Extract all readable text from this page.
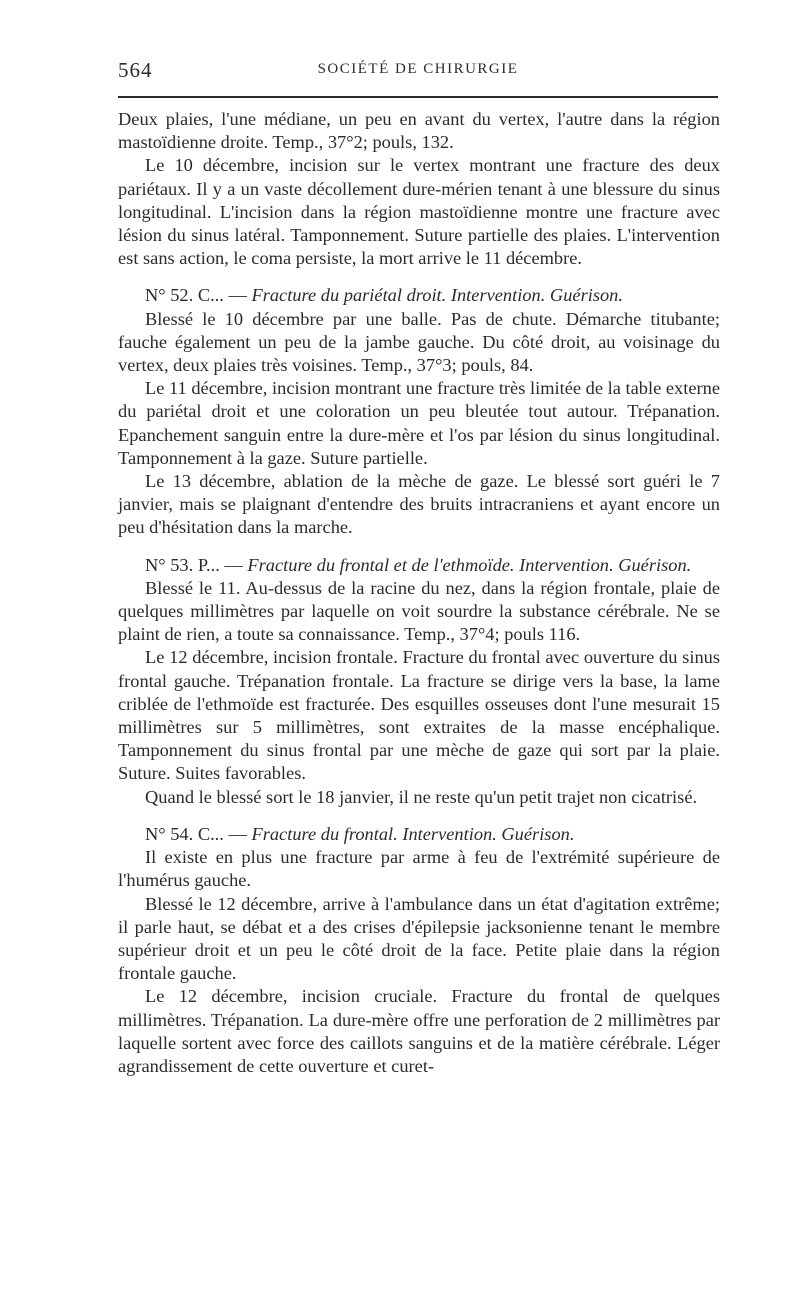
564	SOCIÉTÉ DE CHIRURGIE

Deux plaies, l'une médiane, un peu en avant du vertex, l'autre dans la région mastoïdienne droite. Temp., 37°2; pouls, 132.

Le 10 décembre, incision sur le vertex montrant une fracture des deux pariétaux. Il y a un vaste décollement dure-mérien tenant à une blessure du sinus longitudinal. L'incision dans la région mastoïdienne montre une fracture avec lésion du sinus latéral. Tamponnement. Suture partielle des plaies. L'intervention est sans action, le coma persiste, la mort arrive le 11 décembre.

N° 52. C... — Fracture du pariétal droit. Intervention. Guérison.

Blessé le 10 décembre par une balle. Pas de chute. Démarche titubante; fauche également un peu de la jambe gauche. Du côté droit, au voisinage du vertex, deux plaies très voisines. Temp., 37°3; pouls, 84.

Le 11 décembre, incision montrant une fracture très limitée de la table externe du pariétal droit et une coloration un peu bleutée tout autour. Trépanation. Epanchement sanguin entre la dure-mère et l'os par lésion du sinus longitudinal. Tamponnement à la gaze. Suture partielle.

Le 13 décembre, ablation de la mèche de gaze. Le blessé sort guéri le 7 janvier, mais se plaignant d'entendre des bruits intracraniens et ayant encore un peu d'hésitation dans la marche.

N° 53. P... — Fracture du frontal et de l'ethmoïde. Intervention. Guérison.

Blessé le 11. Au-dessus de la racine du nez, dans la région frontale, plaie de quelques millimètres par laquelle on voit sourdre la substance cérébrale. Ne se plaint de rien, a toute sa connaissance. Temp., 37°4; pouls 116.

Le 12 décembre, incision frontale. Fracture du frontal avec ouverture du sinus frontal gauche. Trépanation frontale. La fracture se dirige vers la base, la lame criblée de l'ethmoïde est fracturée. Des esquilles osseuses dont l'une mesurait 15 millimètres sur 5 millimètres, sont extraites de la masse encéphalique. Tamponnement du sinus frontal par une mèche de gaze qui sort par la plaie. Suture. Suites favorables.

Quand le blessé sort le 18 janvier, il ne reste qu'un petit trajet non cicatrisé.

N° 54. C... — Fracture du frontal. Intervention. Guérison.

Il existe en plus une fracture par arme à feu de l'extrémité supérieure de l'humérus gauche.

Blessé le 12 décembre, arrive à l'ambulance dans un état d'agitation extrême; il parle haut, se débat et a des crises d'épilepsie jacksonienne tenant le membre supérieur droit et un peu le côté droit de la face. Petite plaie dans la région frontale gauche.

Le 12 décembre, incision cruciale. Fracture du frontal de quelques millimètres. Trépanation. La dure-mère offre une perforation de 2 millimètres par laquelle sortent avec force des caillots sanguins et de la matière cérébrale. Léger agrandissement de cette ouverture et curet-
